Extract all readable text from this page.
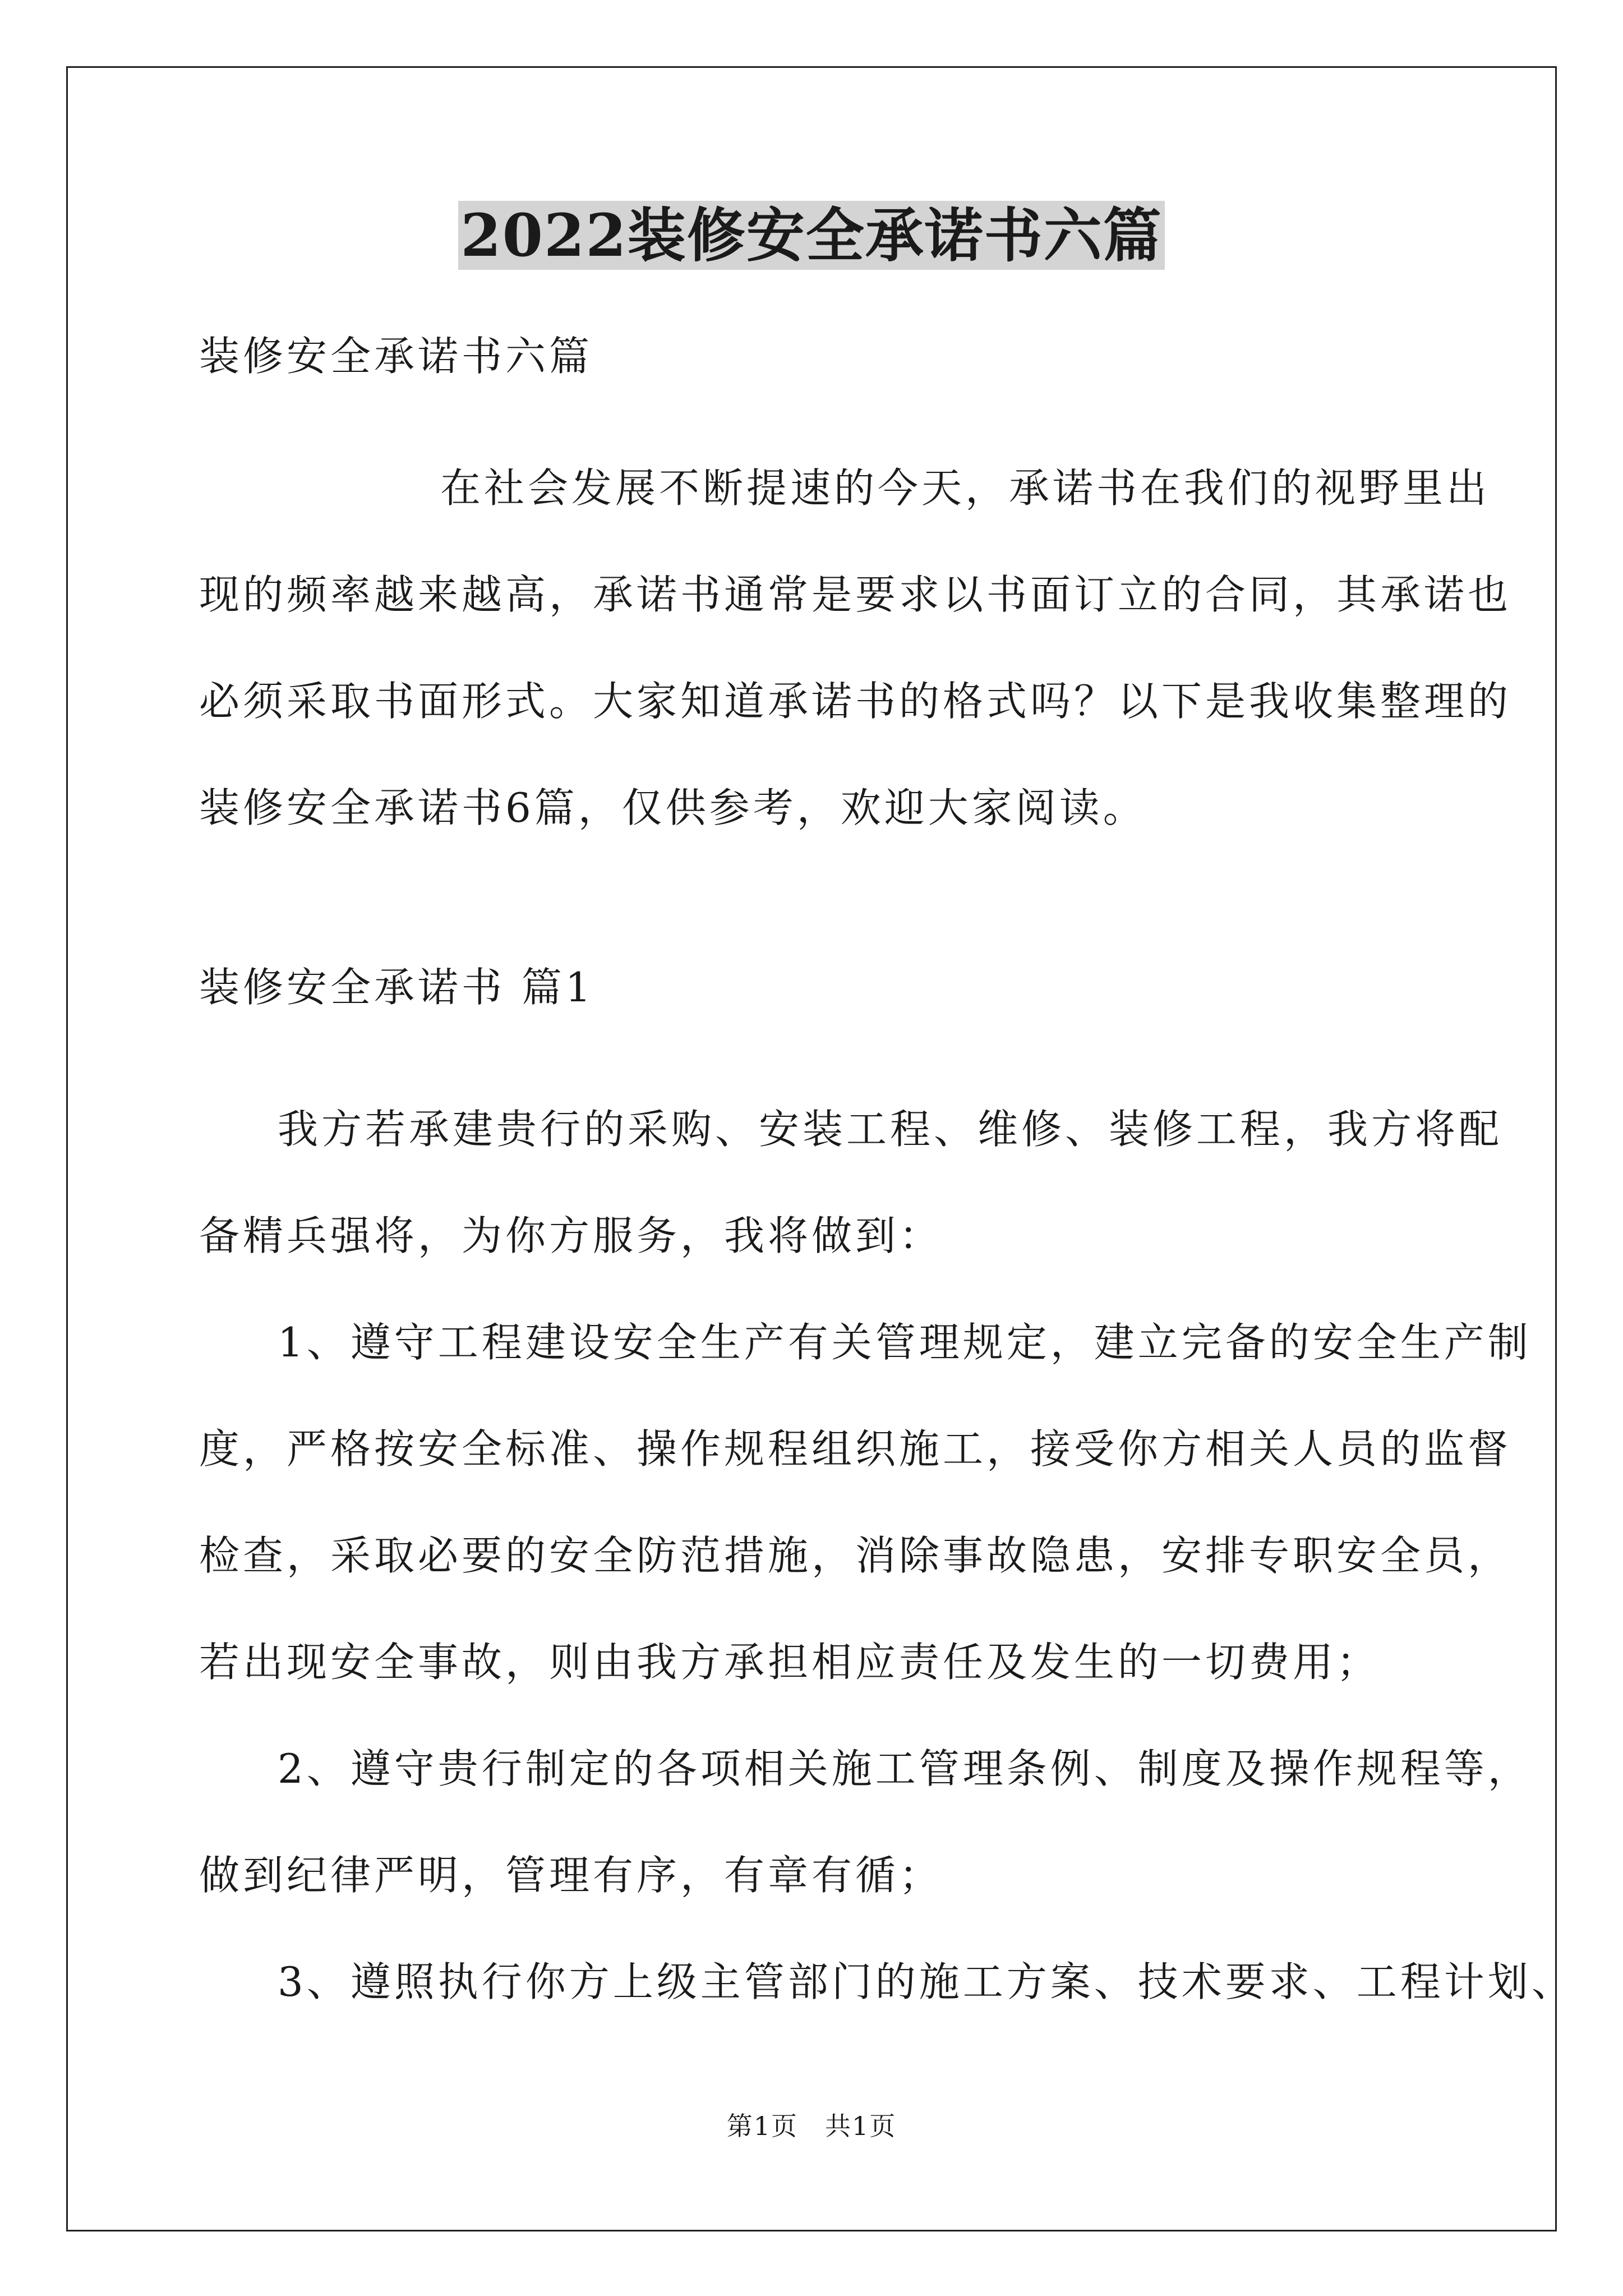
2022装修安全承诺书六篇

装修安全承诺书六篇

在社会发展不断提速的今天，承诺书在我们的视野里出
现的频率越来越高，承诺书通常是要求以书面订立的合同，其承诺也
必须采取书面形式。大家知道承诺书的格式吗？以下是我收集整理的
装修安全承诺书6篇，仅供参考，欢迎大家阅读。

装修安全承诺书 篇1

我方若承建贵行的采购、安装工程、维修、装修工程，我方将配
备精兵强将，为你方服务，我将做到：

1、遵守工程建设安全生产有关管理规定，建立完备的安全生产制
度，严格按安全标准、操作规程组织施工，接受你方相关人员的监督
检查，采取必要的安全防范措施，消除事故隐患，安排专职安全员，
若出现安全事故，则由我方承担相应责任及发生的一切费用；

2、遵守贵行制定的各项相关施工管理条例、制度及操作规程等，
做到纪律严明，管理有序，有章有循；

3、遵照执行你方上级主管部门的施工方案、技术要求、工程计划、

第1页　共1页
